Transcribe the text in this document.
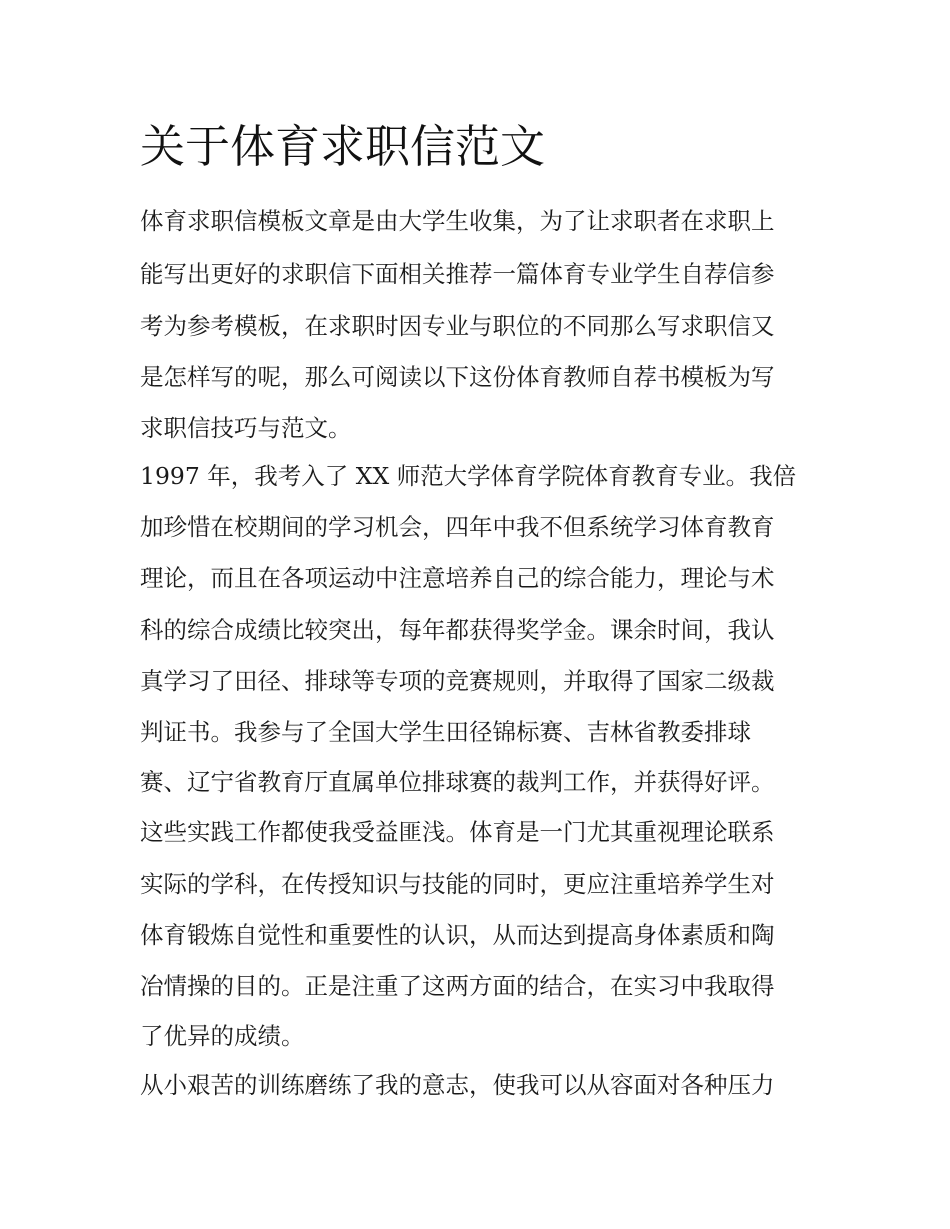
关于体育求职信范文
体育求职信模板文章是由大学生收集，为了让求职者在求职上
能写出更好的求职信下面相关推荐一篇体育专业学生自荐信参
考为参考模板，在求职时因专业与职位的不同那么写求职信又
是怎样写的呢，那么可阅读以下这份体育教师自荐书模板为写
求职信技巧与范文。
1997 年，我考入了 XX 师范大学体育学院体育教育专业。我倍
加珍惜在校期间的学习机会，四年中我不但系统学习体育教育
理论，而且在各项运动中注意培养自己的综合能力，理论与术
科的综合成绩比较突出，每年都获得奖学金。课余时间，我认
真学习了田径、排球等专项的竞赛规则，并取得了国家二级裁
判证书。我参与了全国大学生田径锦标赛、吉林省教委排球
赛、辽宁省教育厅直属单位排球赛的裁判工作，并获得好评。
这些实践工作都使我受益匪浅。体育是一门尤其重视理论联系
实际的学科，在传授知识与技能的同时，更应注重培养学生对
体育锻炼自觉性和重要性的认识，从而达到提高身体素质和陶
冶情操的目的。正是注重了这两方面的结合，在实习中我取得
了优异的成绩。
从小艰苦的训练磨练了我的意志，使我可以从容面对各种压力
